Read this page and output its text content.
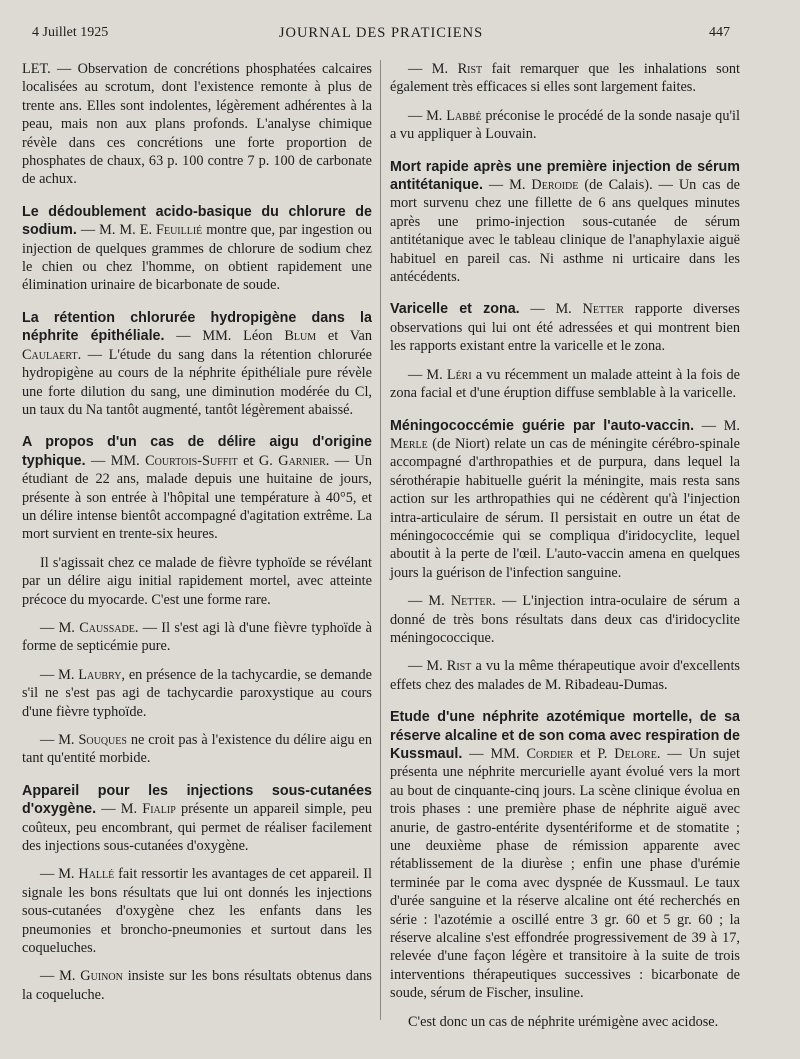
4 Juillet 1925	JOURNAL DES PRATICIENS	447

LET. — Observation de concrétions phosphatées calcaires localisées au scrotum, dont l'existence remonte à plus de trente ans. Elles sont indolentes, légèrement adhérentes à la peau, mais non aux plans profonds. L'analyse chimique révèle dans ces concrétions une forte proportion de phosphates de chaux, 63 p. 100 contre 7 p. 100 de carbonate de achux.

Le dédoublement acido-basique du chlorure de sodium. — M. M. E. Feuillié montre que, par ingestion ou injection de quelques grammes de chlorure de sodium chez le chien ou chez l'homme, on obtient rapidement une élimination urinaire de bicarbonate de soude.

La rétention chlorurée hydropigène dans la néphrite épithéliale. — MM. Léon Blum et Van Caulaert. — L'étude du sang dans la rétention chlorurée hydropigène au cours de la néphrite épithéliale pure révèle une forte dilution du sang, une diminution modérée du Cl, un taux du Na tantôt augmenté, tantôt légèrement abaissé.

A propos d'un cas de délire aigu d'origine typhique. — MM. Courtois-Suffit et G. Garnier. — Un étudiant de 22 ans, malade depuis une huitaine de jours, présente à son entrée à l'hôpital une température à 40°5, et un délire intense bientôt accompagné d'agitation extrême. La mort survient en trente-six heures.

Il s'agissait chez ce malade de fièvre typhoïde se révélant par un délire aigu initial rapidement mortel, avec atteinte précoce du myocarde. C'est une forme rare.

— M. Caussade. — Il s'est agi là d'une fièvre typhoïde à forme de septicémie pure.

— M. Laubry, en présence de la tachycardie, se demande s'il ne s'est pas agi de tachycardie paroxystique au cours d'une fièvre typhoïde.

— M. Souques ne croit pas à l'existence du délire aigu en tant qu'entité morbide.

Appareil pour les injections sous-cutanées d'oxygène. — M. Fialip présente un appareil simple, peu coûteux, peu encombrant, qui permet de réaliser facilement des injections sous-cutanées d'oxygène.

— M. Hallé fait ressortir les avantages de cet appareil. Il signale les bons résultats que lui ont donnés les injections sous-cutanées d'oxygène chez les enfants dans les pneumonies et broncho-pneumonies et surtout dans les coqueluches.

— M. Guinon insiste sur les bons résultats obtenus dans la coqueluche.

— M. Rist fait remarquer que les inhalations sont également très efficaces si elles sont largement faites.

— M. Labbé préconise le procédé de la sonde nasaje qu'il a vu appliquer à Louvain.

Mort rapide après une première injection de sérum antitétanique. — M. Deroide (de Calais). — Un cas de mort survenu chez une fillette de 6 ans quelques minutes après une primo-injection sous-cutanée de sérum antitétanique avec le tableau clinique de l'anaphylaxie aiguë habituel en pareil cas. Ni asthme ni urticaire dans les antécédents.

Varicelle et zona. — M. Netter rapporte diverses observations qui lui ont été adressées et qui montrent bien les rapports existant entre la varicelle et le zona.

— M. Léri a vu récemment un malade atteint à la fois de zona facial et d'une éruption diffuse semblable à la varicelle.

Méningococcémie guérie par l'auto-vaccin. — M. Merle (de Niort) relate un cas de méningite cérébro-spinale accompagné d'arthropathies et de purpura, dans lequel la sérothérapie habituelle guérit la méningite, mais resta sans action sur les arthropathies qui ne cédèrent qu'à l'injection intra-articulaire de sérum. Il persistait en outre un état de méningococcémie qui se compliqua d'iridocyclite, lequel aboutit à la perte de l'œil. L'auto-vaccin amena en quelques jours la guérison de l'infection sanguine.

— M. Netter. — L'injection intra-oculaire de sérum a donné de très bons résultats dans deux cas d'iridocyclite méningococcique.

— M. Rist a vu la même thérapeutique avoir d'excellents effets chez des malades de M. Ribadeau-Dumas.

Etude d'une néphrite azotémique mortelle, de sa réserve alcaline et de son coma avec respiration de Kussmaul. — MM. Cordier et P. Delore. — Un sujet présenta une néphrite mercurielle ayant évolué vers la mort au bout de cinquante-cinq jours. La scène clinique évolua en trois phases : une première phase de néphrite aiguë avec anurie, de gastro-entérite dysentériforme et de stomatite ; une deuxième phase de rémission apparente avec rétablissement de la diurèse ; enfin une phase d'urémie terminée par le coma avec dyspnée de Kussmaul. Le taux d'urée sanguine et la réserve alcaline ont été recherchés en série : l'azotémie a oscillé entre 3 gr. 60 et 5 gr. 60 ; la réserve alcaline s'est effondrée progressivement de 39 à 17, relevée d'une façon légère et transitoire à la suite de trois interventions thérapeutiques successives : bicarbonate de soude, sérum de Fischer, insuline.

C'est donc un cas de néphrite urémigène avec acidose.
